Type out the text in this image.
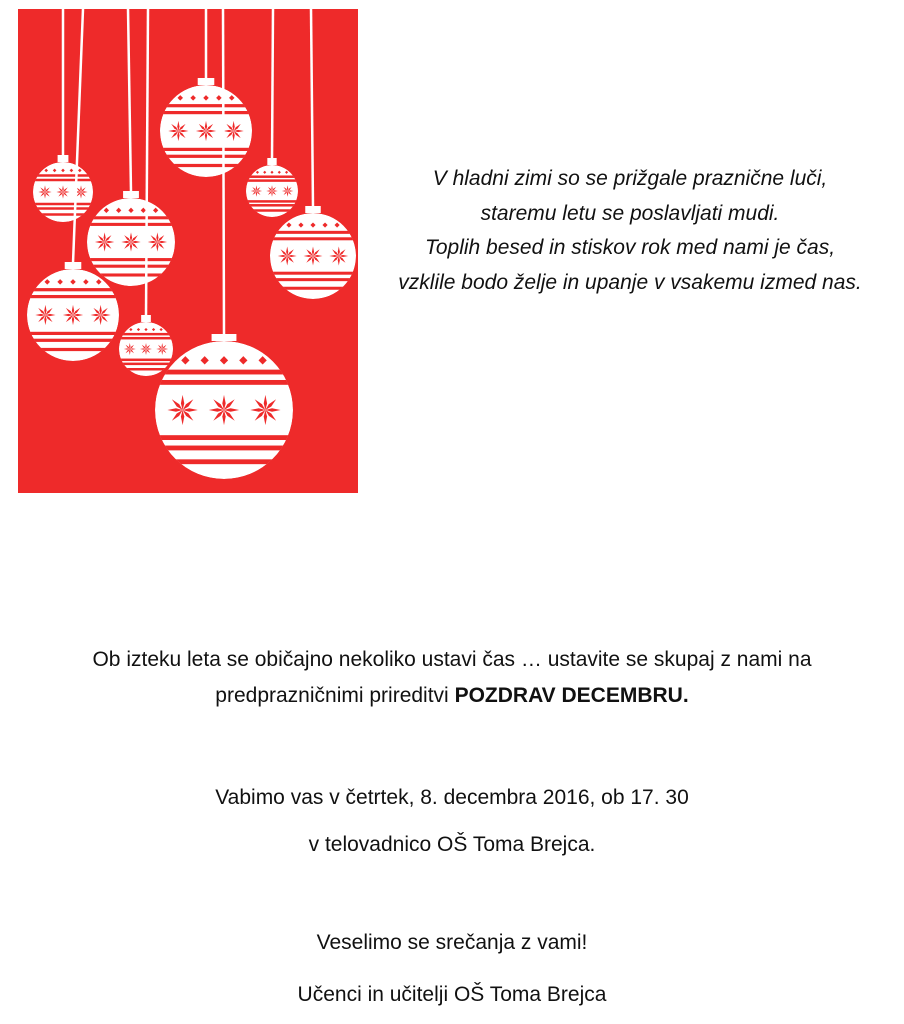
V hladni zimi so se prižgale praznične luči,
staremu letu se poslavljati mudi.
Toplih besed in stiskov rok med nami je čas,
vzklile bodo želje in upanje v vsakemu izmed nas.
Ob izteku leta se običajno nekoliko ustavi čas … ustavite se skupaj z nami na
predprazničnimi prireditvi POZDRAV DECEMBRU.
Vabimo vas v četrtek, 8. decembra 2016, ob 17. 30
v telovadnico OŠ Toma Brejca.
Veselimo se srečanja z vami!
Učenci in učitelji OŠ Toma Brejca
